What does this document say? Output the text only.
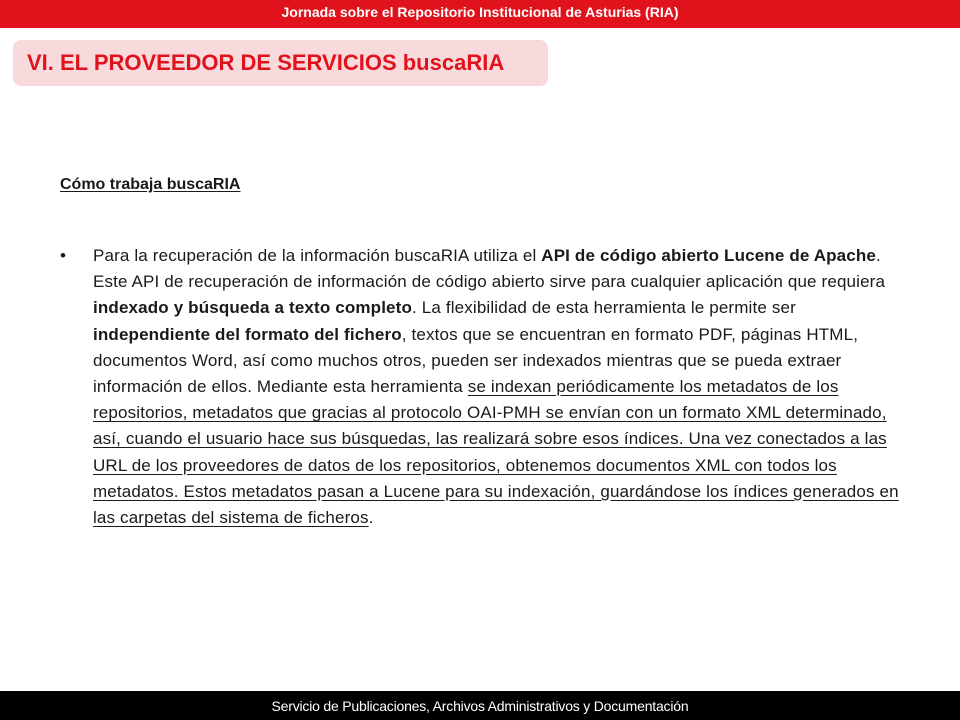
Jornada sobre el Repositorio Institucional de Asturias (RIA)
VI. EL PROVEEDOR DE SERVICIOS buscaRIA
Cómo trabaja buscaRIA
• Para la recuperación de la información buscaRIA utiliza el API de código abierto Lucene de Apache. Este API de recuperación de información de código abierto sirve para cualquier aplicación que requiera indexado y búsqueda a texto completo. La flexibilidad de esta herramienta le permite ser independiente del formato del fichero, textos que se encuentran en formato PDF, páginas HTML, documentos Word, así como muchos otros, pueden ser indexados mientras que se pueda extraer información de ellos. Mediante esta herramienta se indexan periódicamente los metadatos de los repositorios, metadatos que gracias al protocolo OAI-PMH se envían con un formato XML determinado, así, cuando el usuario hace sus búsquedas, las realizará sobre esos índices. Una vez conectados a las URL de los proveedores de datos de los repositorios, obtenemos documentos XML con todos los metadatos. Estos metadatos pasan a Lucene para su indexación, guardándose los índices generados en las carpetas del sistema de ficheros.

Servicio de Publicaciones, Archivos Administrativos y Documentación
